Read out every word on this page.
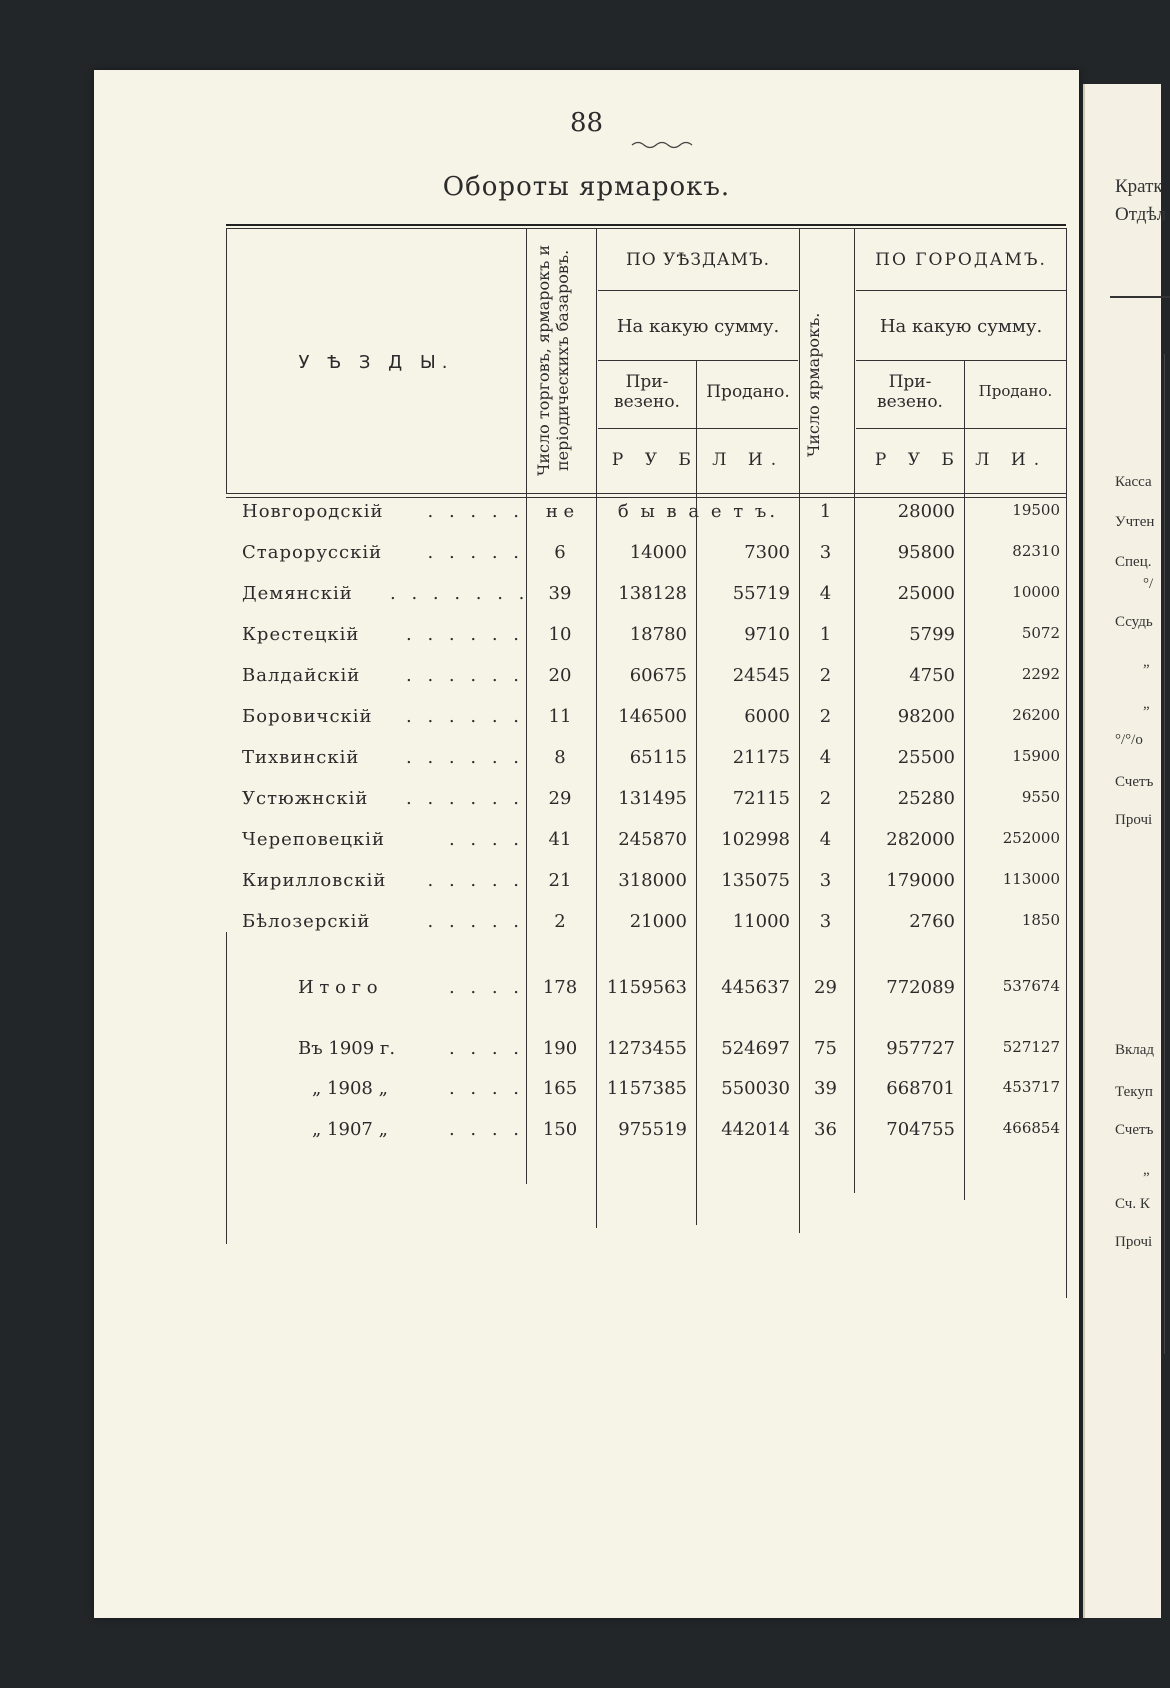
88
Обороты ярмарокъ.
У Ѣ З Д Ы.	Число торговъ, ярмарокъ и періодическихъ базаровъ.	ПО УѢЗДАМЪ.
На какую сумму.
При- везено.	Продано.
Р У Б Л И.
Число ярмарокъ.
ПО ГОРОДАМЪ.
На какую сумму.
При- везено.
Продано.
Р У Б Л И.
Новгородскій	. . . . .	н е	б ы в а е т ъ.	1	28000	19500
Старорусскій	. . . . .	6	14000	7300	3	95800	82310
Демянскій . . . . . . .	39	138128	55719	4	25000	10000
Крестецкій	. . . . . .	10	18780	9710	1	5799	5072
Валдайскій	. . . . . .	20	60675	24545	2	4750	2292
Боровичскій	. . . . . .	11	146500	6000	2	98200	26200
Тихвинскій	. . . . . .	8	65115	21175	4	25500	15900
Устюжнскій	. . . . . .	29	131495	72115	2	25280	9550
Череповецкій	. . . .	41	245870	102998	4	282000	252000
Кирилловскій	. . . . .	21	318000	135075	3	179000	113000
Бѣлозерскій	. . . . .	2	21000	11000	3	2760	1850
И т о г о	. . . .	178	1159563	445637	29	772089	537674
Въ 1909 г.	. . . .	190	1273455	524697	75	957727	527127
„ 1908 „	. . . .	165	1157385	550030	39	668701	453717
„ 1907 „	. . . .	150	975519	442014	36	704755	466854
Кратк
Отдѣл
Касса
Учтен
Спец.
°/
Ссудь
„
„
°/°/о
Счетъ
Прочі
Вклад
Текуп
Счетъ
„
Сч. К
Прочі
